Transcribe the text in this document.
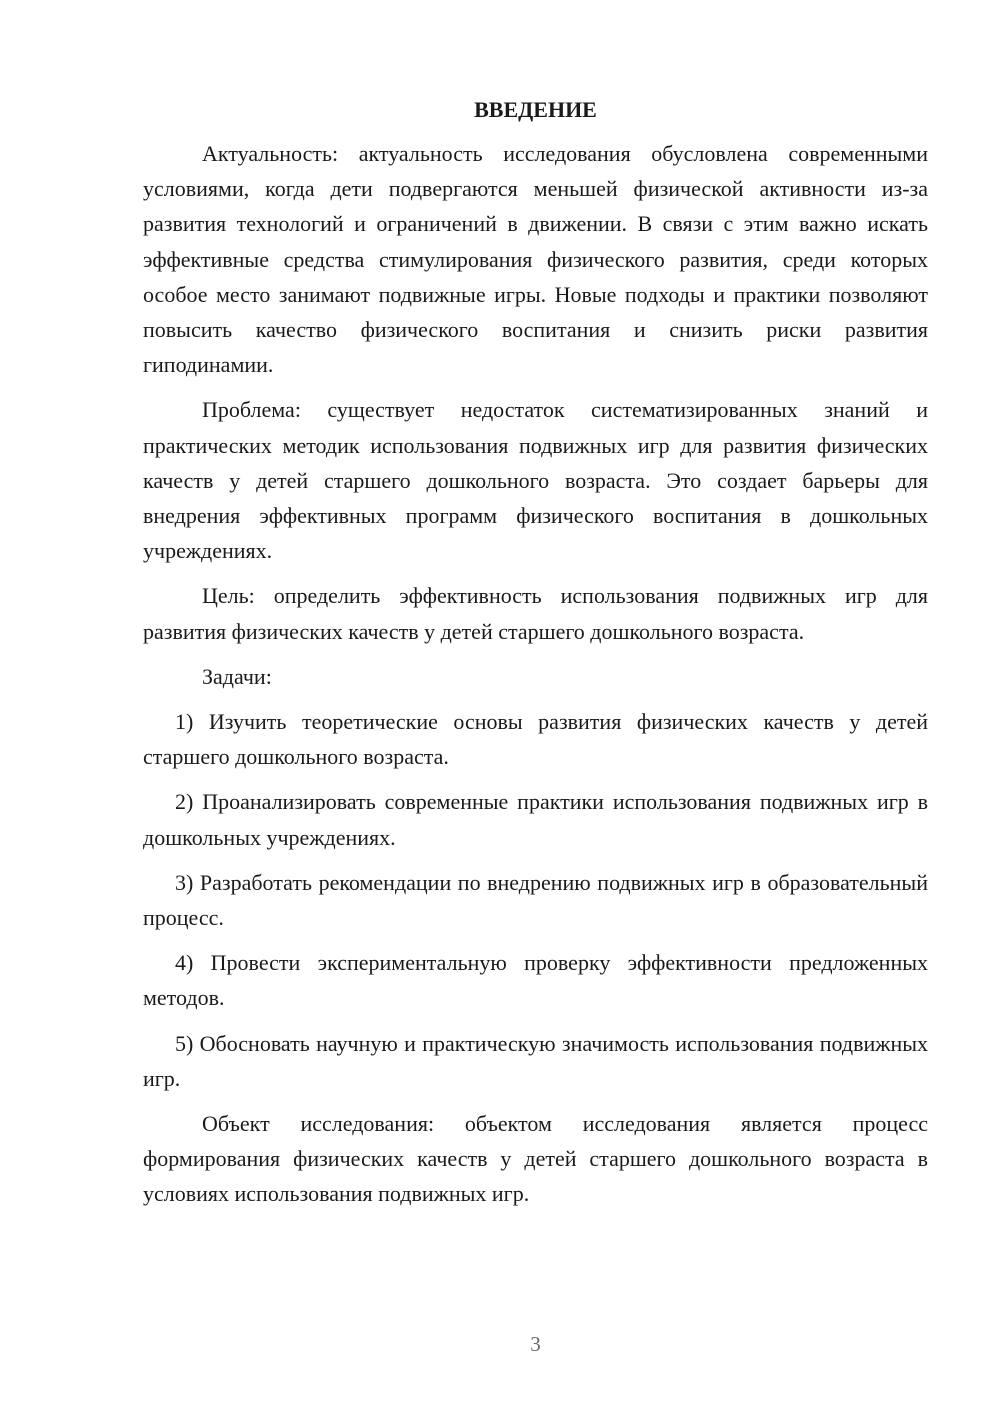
ВВЕДЕНИЕ

Актуальность: актуальность исследования обусловлена современными условиями, когда дети подвергаются меньшей физической активности из-за развития технологий и ограничений в движении. В связи с этим важно искать эффективные средства стимулирования физического развития, среди которых особое место занимают подвижные игры. Новые подходы и практики позволяют повысить качество физического воспитания и снизить риски развития гиподинамии.

Проблема: существует недостаток систематизированных знаний и практических методик использования подвижных игр для развития физических качеств у детей старшего дошкольного возраста. Это создает барьеры для внедрения эффективных программ физического воспитания в дошкольных учреждениях.

Цель: определить эффективность использования подвижных игр для развития физических качеств у детей старшего дошкольного возраста.

Задачи:

1) Изучить теоретические основы развития физических качеств у детей старшего дошкольного возраста.

2) Проанализировать современные практики использования подвижных игр в дошкольных учреждениях.

3) Разработать рекомендации по внедрению подвижных игр в образовательный процесс.

4) Провести экспериментальную проверку эффективности предложенных методов.

5) Обосновать научную и практическую значимость использования подвижных игр.

Объект исследования: объектом исследования является процесс формирования физических качеств у детей старшего дошкольного возраста в условиях использования подвижных игр.

3
